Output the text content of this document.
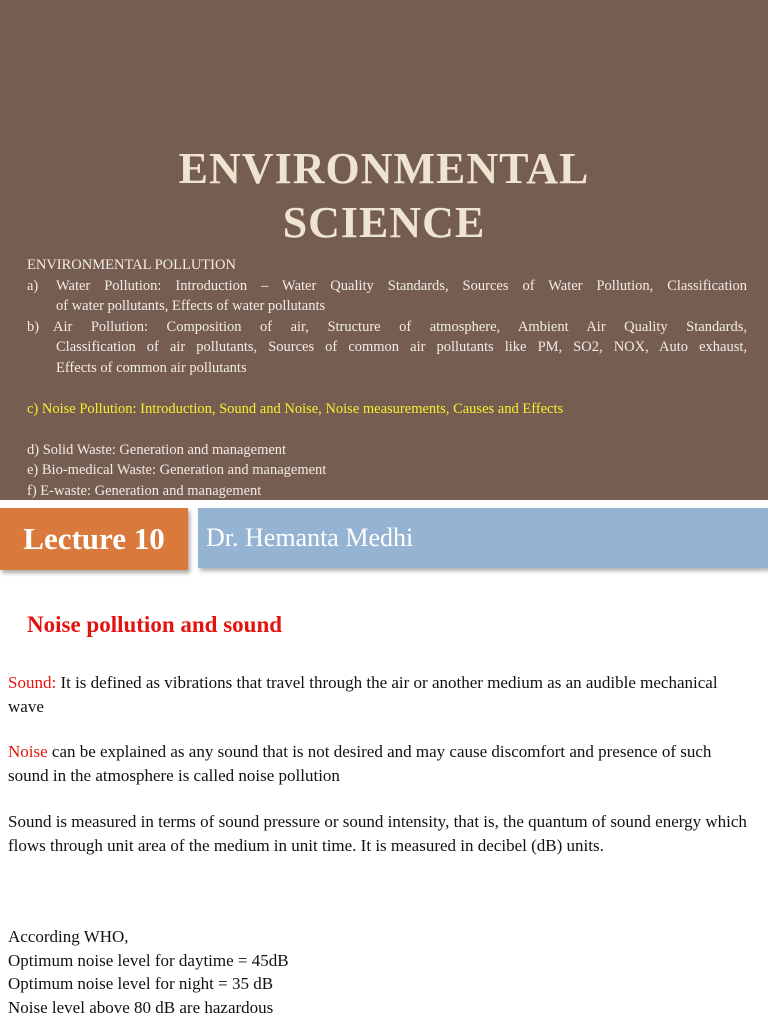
ENVIRONMENTAL
SCIENCE
ENVIRONMENTAL POLLUTION
a)	Water Pollution: Introduction – Water Quality Standards, Sources of Water Pollution, Classification
of water pollutants, Effects of water pollutants
b) Air Pollution: Composition of air, Structure of atmosphere, Ambient Air Quality Standards,
Classification of air pollutants, Sources of common air pollutants like PM, SO2, NOX, Auto exhaust,
Effects of common air pollutants
c) Noise Pollution: Introduction, Sound and Noise, Noise measurements, Causes and Effects
d) Solid Waste: Generation and management
e) Bio-medical Waste: Generation and management
f) E-waste: Generation and management
Lecture 10	Dr. Hemanta Medhi
Noise pollution and sound
Sound: It is defined as vibrations that travel through the air or another medium as an audible mechanical wave
Noise can be explained as any sound that is not desired and may cause discomfort and presence of such sound in the atmosphere is called noise pollution
Sound is measured in terms of sound pressure or sound intensity, that is, the quantum of sound energy which flows through unit area of the medium in unit time. It is measured in decibel (dB) units.
According WHO,
Optimum noise level for daytime = 45dB
Optimum noise level for night = 35 dB
Noise level above 80 dB are hazardous
